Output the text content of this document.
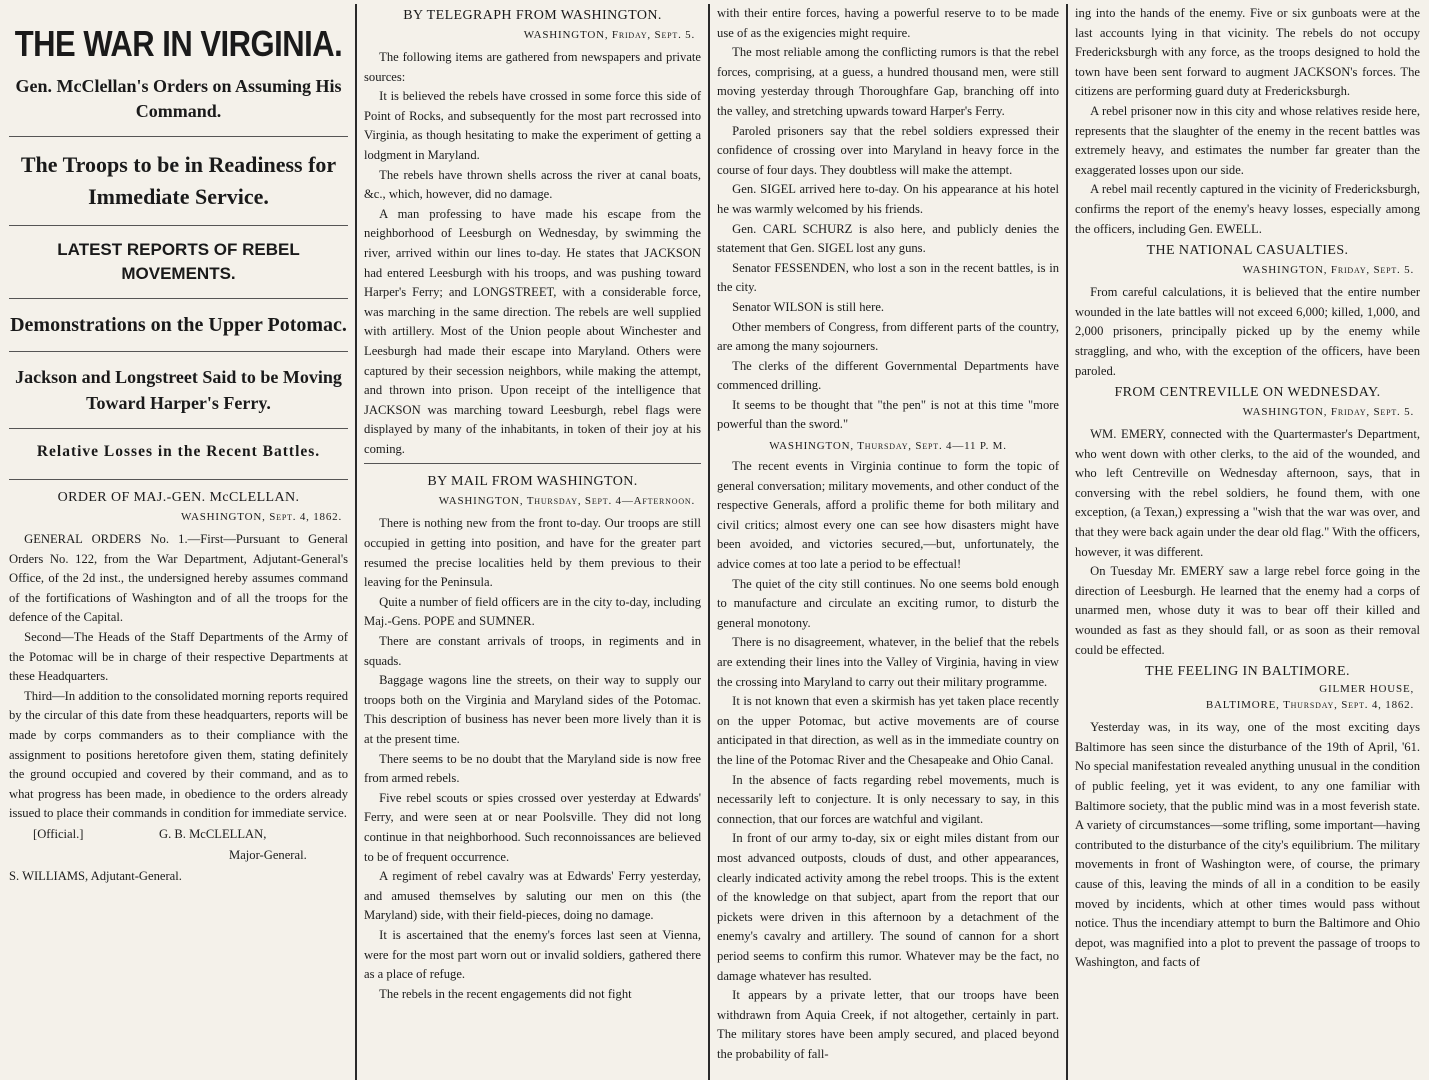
THE WAR IN VIRGINIA.
Gen. McClellan's Orders on Assuming His Command.
The Troops to be in Readiness for Immediate Service.
LATEST REPORTS OF REBEL MOVEMENTS.
Demonstrations on the Upper Potomac.
Jackson and Longstreet Said to be Moving Toward Harper's Ferry.
Relative Losses in the Recent Battles.
ORDER OF MAJ.-GEN. McCLELLAN.
WASHINGTON, Sept. 4, 1862.

GENERAL ORDERS No. 1.—First—Pursuant to General Orders No. 122, from the War Department, Adjutant-General's Office, of the 2d inst., the undersigned hereby assumes command of the fortifications of Washington and of all the troops for the defence of the Capital.

Second—The Heads of the Staff Departments of the Army of the Potomac will be in charge of their respective Departments at these Headquarters.

Third—In addition to the consolidated morning reports required by the circular of this date from these headquarters, reports will be made by corps commanders as to their compliance with the assignment to positions heretofore given them, stating definitely the ground occupied and covered by their command, and as to what progress has been made, in obedience to the orders already issued to place their commands in condition for immediate service.

[Official.]	G. B. McCLELLAN,
Major-General.
S. WILLIAMS, Adjutant-General.
BY TELEGRAPH FROM WASHINGTON.
WASHINGTON, Friday, Sept. 5.

The following items are gathered from newspapers and private sources:

It is believed the rebels have crossed in some force this side of Point of Rocks, and subsequently for the most part recrossed into Virginia, as though hesitating to make the experiment of getting a lodgment in Maryland.

The rebels have thrown shells across the river at canal boats, &c., which, however, did no damage.

A man professing to have made his escape from the neighborhood of Leesburgh on Wednesday, by swimming the river, arrived within our lines to-day. He states that JACKSON had entered Leesburgh with his troops, and was pushing toward Harper's Ferry; and LONGSTREET, with a considerable force, was marching in the same direction. The rebels are well supplied with artillery. Most of the Union people about Winchester and Leesburgh had made their escape into Maryland. Others were captured by their secession neighbors, while making the attempt, and thrown into prison. Upon receipt of the intelligence that JACKSON was marching toward Leesburgh, rebel flags were displayed by many of the inhabitants, in token of their joy at his coming.

BY MAIL FROM WASHINGTON.
WASHINGTON, Thursday, Sept. 4—Afternoon.

There is nothing new from the front to-day. Our troops are still occupied in getting into position, and have for the greater part resumed the precise localities held by them previous to their leaving for the Peninsula.

Quite a number of field officers are in the city to-day, including Maj.-Gens. POPE and SUMNER.

There are constant arrivals of troops, in regiments and in squads.

Baggage wagons line the streets, on their way to supply our troops both on the Virginia and Maryland sides of the Potomac. This description of business has never been more lively than it is at the present time.

There seems to be no doubt that the Maryland side is now free from armed rebels.

Five rebel scouts or spies crossed over yesterday at Edwards' Ferry, and were seen at or near Poolsville. They did not long continue in that neighborhood. Such reconnoissances are believed to be of frequent occurrence.

A regiment of rebel cavalry was at Edwards' Ferry yesterday, and amused themselves by saluting our men on this (the Maryland) side, with their field-pieces, doing no damage.

It is ascertained that the enemy's forces last seen at Vienna, were for the most part worn out or invalid soldiers, gathered there as a place of refuge.

The rebels in the recent engagements did not fight

with their entire forces, having a powerful reserve to to be made use of as the exigencies might require.

The most reliable among the conflicting rumors is that the rebel forces, comprising, at a guess, a hundred thousand men, were still moving yesterday through Thoroughfare Gap, branching off into the valley, and stretching upwards toward Harper's Ferry.

Paroled prisoners say that the rebel soldiers expressed their confidence of crossing over into Maryland in heavy force in the course of four days. They doubtless will make the attempt.

Gen. SIGEL arrived here to-day. On his appearance at his hotel he was warmly welcomed by his friends.

Gen. CARL SCHURZ is also here, and publicly denies the statement that Gen. SIGEL lost any guns.

Senator FESSENDEN, who lost a son in the recent battles, is in the city.

Senator WILSON is still here.

Other members of Congress, from different parts of the country, are among the many sojourners.

The clerks of the different Governmental Departments have commenced drilling.

It seems to be thought that "the pen" is not at this time "more powerful than the sword."

WASHINGTON, Thursday, Sept. 4—11 P. M.

The recent events in Virginia continue to form the topic of general conversation; military movements, and other conduct of the respective Generals, afford a prolific theme for both military and civil critics; almost every one can see how disasters might have been avoided, and victories secured,—but, unfortunately, the advice comes at too late a period to be effectual!

The quiet of the city still continues. No one seems bold enough to manufacture and circulate an exciting rumor, to disturb the general monotony.

There is no disagreement, whatever, in the belief that the rebels are extending their lines into the Valley of Virginia, having in view the crossing into Maryland to carry out their military programme.

It is not known that even a skirmish has yet taken place recently on the upper Potomac, but active movements are of course anticipated in that direction, as well as in the immediate country on the line of the Potomac River and the Chesapeake and Ohio Canal.

In the absence of facts regarding rebel movements, much is necessarily left to conjecture. It is only necessary to say, in this connection, that our forces are watchful and vigilant.

In front of our army to-day, six or eight miles distant from our most advanced outposts, clouds of dust, and other appearances, clearly indicated activity among the rebel troops. This is the extent of the knowledge on that subject, apart from the report that our pickets were driven in this afternoon by a detachment of the enemy's cavalry and artillery. The sound of cannon for a short period seems to confirm this rumor. Whatever may be the fact, no damage whatever has resulted.

It appears by a private letter, that our troops have been withdrawn from Aquia Creek, if not altogether, certainly in part. The military stores have been amply secured, and placed beyond the probability of fall-

ing into the hands of the enemy. Five or six gunboats were at the last accounts lying in that vicinity. The rebels do not occupy Fredericksburgh with any force, as the troops designed to hold the town have been sent forward to augment JACKSON's forces. The citizens are performing guard duty at Fredericksburgh.

A rebel prisoner now in this city and whose relatives reside here, represents that the slaughter of the enemy in the recent battles was extremely heavy, and estimates the number far greater than the exaggerated losses upon our side.

A rebel mail recently captured in the vicinity of Fredericksburgh, confirms the report of the enemy's heavy losses, especially among the officers, including Gen. EWELL.

THE NATIONAL CASUALTIES.
WASHINGTON, Friday, Sept. 5.

From careful calculations, it is believed that the entire number wounded in the late battles will not exceed 6,000; killed, 1,000, and 2,000 prisoners, principally picked up by the enemy while straggling, and who, with the exception of the officers, have been paroled.

FROM CENTREVILLE ON WEDNESDAY.
WASHINGTON, Friday, Sept. 5.

WM. EMERY, connected with the Quartermaster's Department, who went down with other clerks, to the aid of the wounded, and who left Centreville on Wednesday afternoon, says, that in conversing with the rebel soldiers, he found them, with one exception, (a Texan,) expressing a "wish that the war was over, and that they were back again under the dear old flag." With the officers, however, it was different.

On Tuesday Mr. EMERY saw a large rebel force going in the direction of Leesburgh. He learned that the enemy had a corps of unarmed men, whose duty it was to bear off their killed and wounded as fast as they should fall, or as soon as their removal could be effected.

THE FEELING IN BALTIMORE.
GILMER HOUSE,
BALTIMORE, Thursday, Sept. 4, 1862.

Yesterday was, in its way, one of the most exciting days Baltimore has seen since the disturbance of the 19th of April, '61. No special manifestation revealed anything unusual in the condition of public feeling, yet it was evident, to any one familiar with Baltimore society, that the public mind was in a most feverish state. A variety of circumstances—some trifling, some important—having contributed to the disturbance of the city's equilibrium. The military movements in front of Washington were, of course, the primary cause of this, leaving the minds of all in a condition to be easily moved by incidents, which at other times would pass without notice. Thus the incendiary attempt to burn the Baltimore and Ohio depot, was magnified into a plot to prevent the passage of troops to Washington, and facts of
